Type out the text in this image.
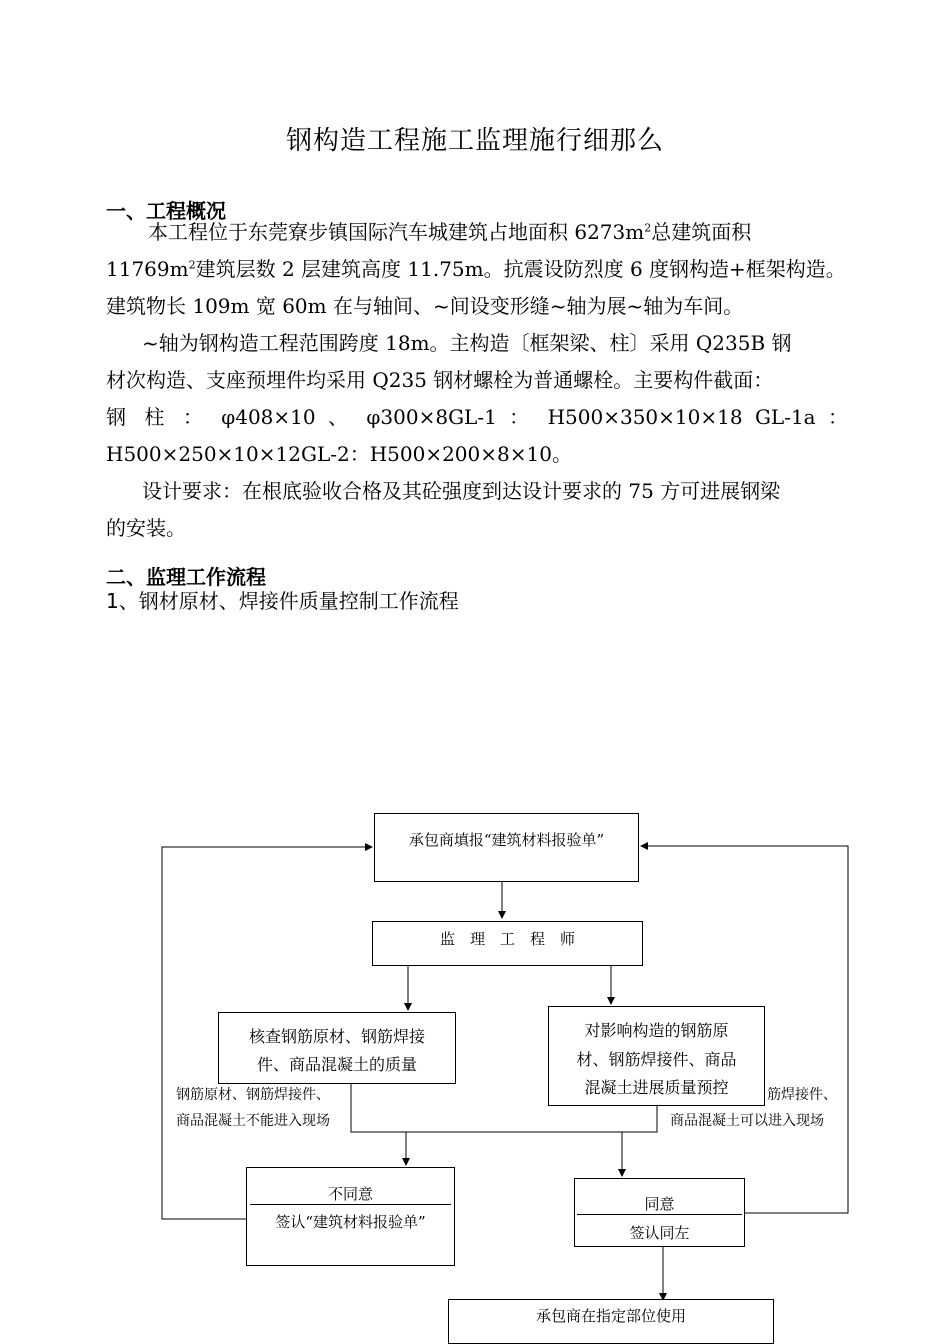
钢构造工程施工监理施行细那么
一、工程概况
本工程位于东莞寮步镇国际汽车城建筑占地面积 $6273m^2$总建筑面积
$11769m^2$建筑层数 2 层建筑高度 11.75m。抗震设防烈度 6 度钢构造+框架构造。
建筑物长 109m 宽 60m 在与轴间、~间设变形缝~轴为展~轴为车间。
~轴为钢构造工程范围跨度 18m。主构造〔框架梁、柱〕采用 Q235B 钢
材次构造、支座预埋件均采用 Q235 钢材螺栓为普通螺栓。主要构件截面：
钢 柱 ： φ408×10 、 φ300×8GL-1 ： H500×350×10×18 GL-1a ：
H500×250×10×12GL-2：H500×200×8×10。
设计要求：在根底验收合格及其砼强度到达设计要求的 75 方可进展钢梁
的安装。
二、监理工作流程
1、钢材原材、焊接件质量控制工作流程
承包商填报“建筑材料报验单”
监　理　工　程　师
核查钢筋原材、钢筋焊接
件、商品混凝土的质量
对影响构造的钢筋原
材、钢筋焊接件、商品
混凝土进展质量预控
钢筋原材、钢筋焊接件、
商品混凝土不能进入现场
筋焊接件、
商品混凝土可以进入现场
不同意
签认“建筑材料报验单”
同意
签认同左
承包商在指定部位使用
